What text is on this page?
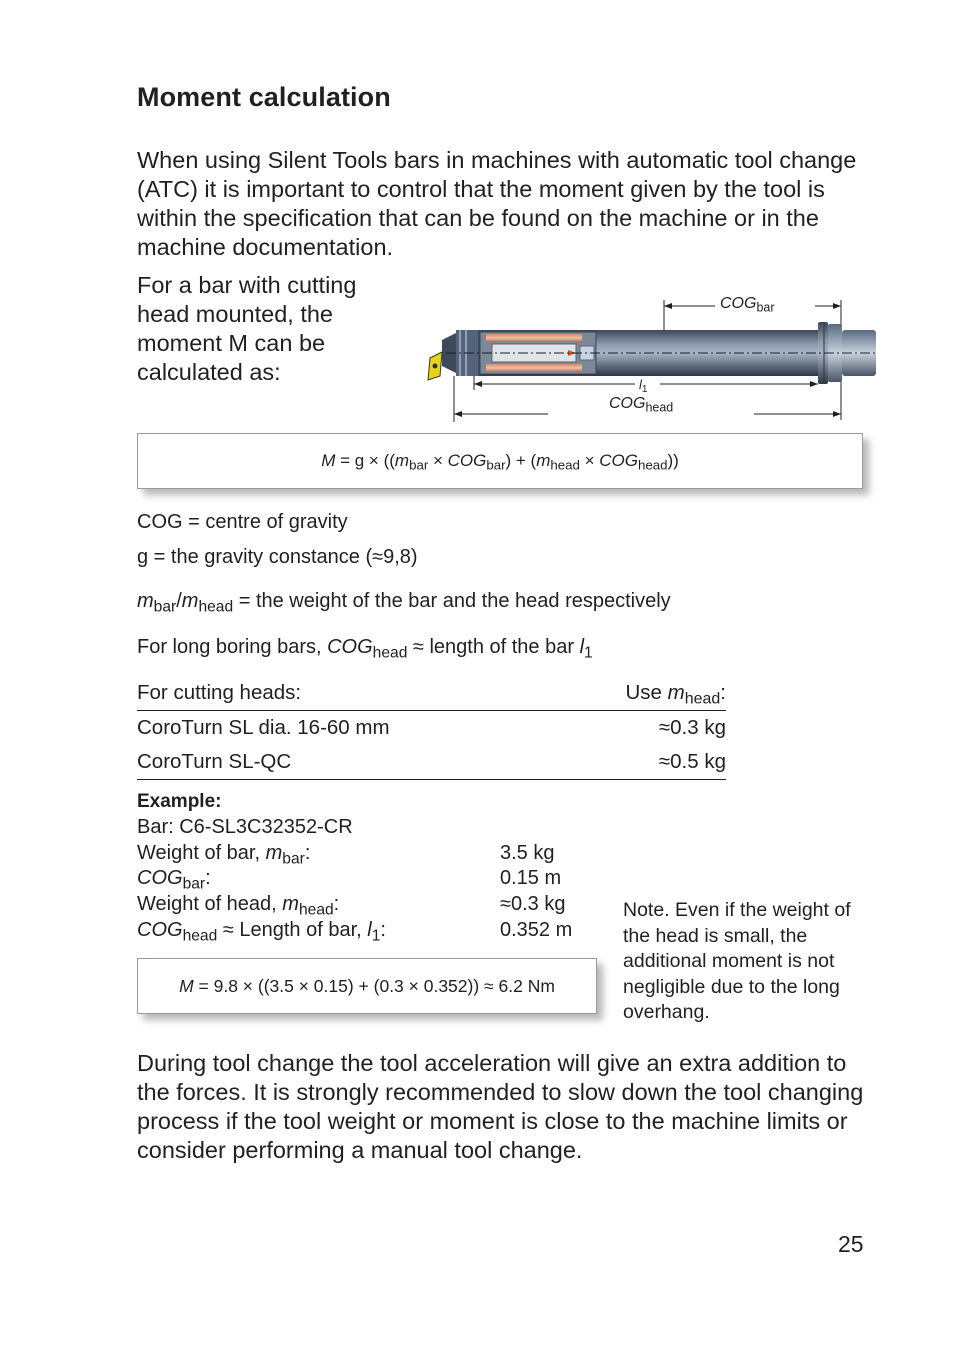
Moment calculation

When using Silent Tools bars in machines with automatic tool change (ATC) it is important to control that the moment given by the tool is within the specification that can be found on the machine or in the machine documentation.

For a bar with cutting head mounted, the moment M can be calculated as:

$COG_{bar}$
$l_1$
$COG_{head}$
$M = g \times ((m_{bar} \times COG_{bar}) + (m_{head} \times COG_{head}))$

COG = centre of gravity

g = the gravity constance (≈9,8)

$m_{bar}/m_{head}$ = the weight of the bar and the head respectively

For long boring bars, $COG_{head}$ ≈ length of the bar $l_1$

For cutting heads:	Use $m_{head}$:
CoroTurn SL dia. 16-60 mm	≈0.3 kg
CoroTurn SL-QC	≈0.5 kg
Example:
Bar: C6-SL3C32352-CR
Weight of bar, $m_{bar}$:	3.5 kg
$COG_{bar}$:	0.15 m
Weight of head, $m_{head}$:	≈0.3 kg
$COG_{head}$ ≈ Length of bar, $l_1$:	0.352 m
M = 9.8 × ((3.5 × 0.15) + (0.3 × 0.352)) ≈ 6.2 Nm

Note. Even if the weight of the head is small, the additional moment is not negligible due to the long overhang.

During tool change the tool acceleration will give an extra addition to the forces. It is strongly recommended to slow down the tool changing process if the tool weight or moment is close to the machine limits or consider performing a manual tool change.

25
